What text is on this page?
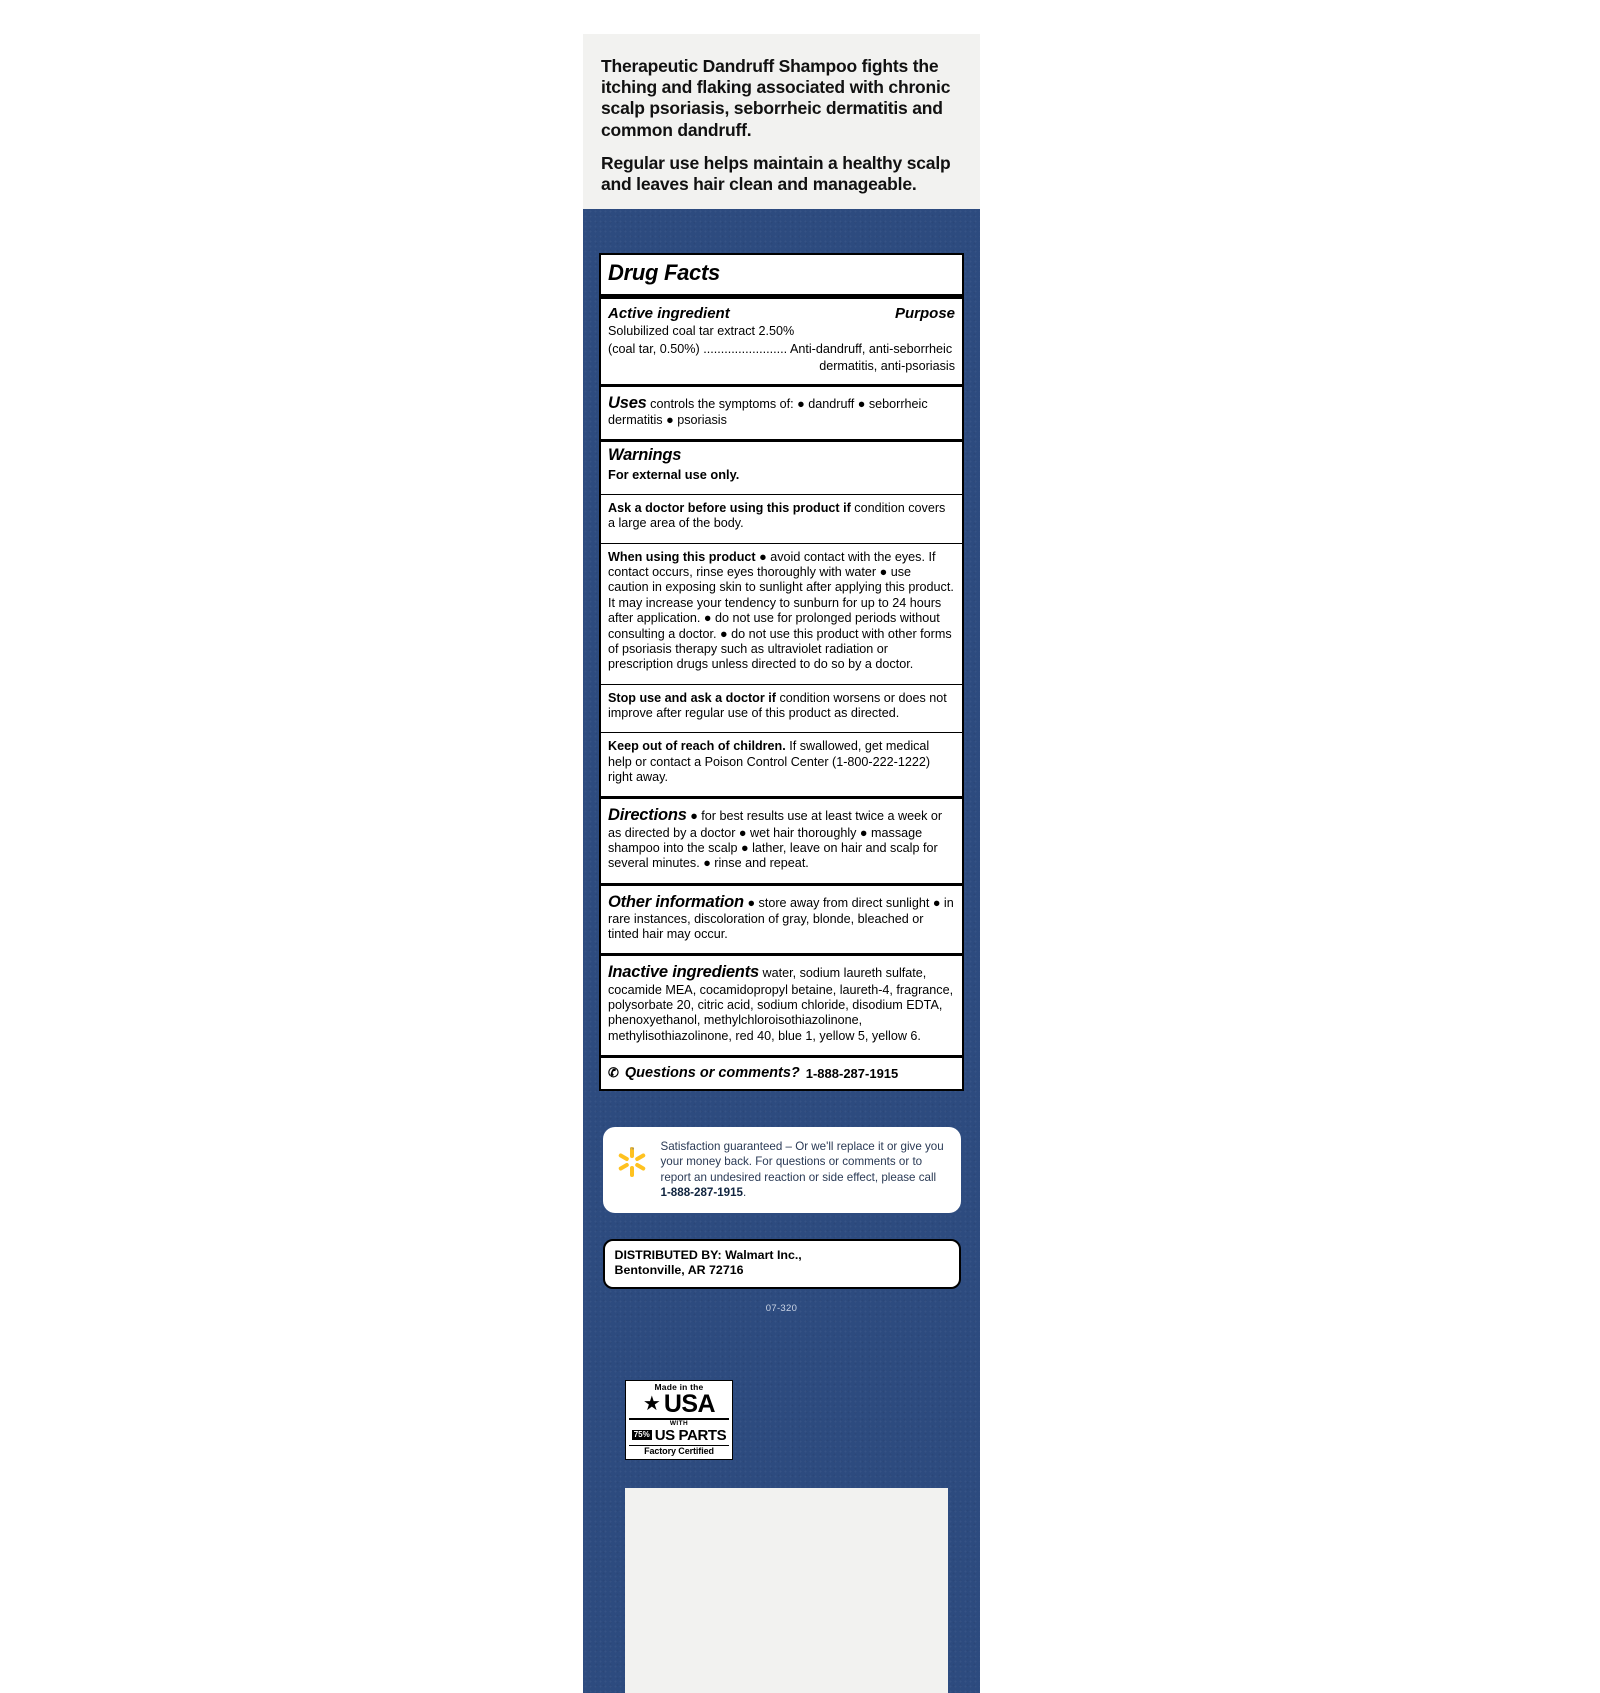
Therapeutic Dandruff Shampoo fights the itching and flaking associated with chronic scalp psoriasis, seborrheic dermatitis and common dandruff.

Regular use helps maintain a healthy scalp and leaves hair clean and manageable.

Drug Facts
Active ingredient	Purpose
Solubilized coal tar extract 2.50%
(coal tar, 0.50%) ........................ Anti-dandruff, anti-seborrheic
dermatitis, anti-psoriasis
Uses controls the symptoms of: ● dandruff ● seborrheic dermatitis ● psoriasis
Warnings
For external use only.
Ask a doctor before using this product if condition covers a large area of the body.
When using this product ● avoid contact with the eyes. If contact occurs, rinse eyes thoroughly with water ● use caution in exposing skin to sunlight after applying this product. It may increase your tendency to sunburn for up to 24 hours after application. ● do not use for prolonged periods without consulting a doctor. ● do not use this product with other forms of psoriasis therapy such as ultraviolet radiation or prescription drugs unless directed to do so by a doctor.
Stop use and ask a doctor if condition worsens or does not improve after regular use of this product as directed.
Keep out of reach of children. If swallowed, get medical help or contact a Poison Control Center (1-800-222-1222) right away.
Directions ● for best results use at least twice a week or as directed by a doctor ● wet hair thoroughly ● massage shampoo into the scalp ● lather, leave on hair and scalp for several minutes. ● rinse and repeat.
Other information ● store away from direct sunlight ● in rare instances, discoloration of gray, blonde, bleached or tinted hair may occur.
Inactive ingredients water, sodium laureth sulfate, cocamide MEA, cocamidopropyl betaine, laureth-4, fragrance, polysorbate 20, citric acid, sodium chloride, disodium EDTA, phenoxyethanol, methylchloroisothiazolinone, methylisothiazolinone, red 40, blue 1, yellow 5, yellow 6.
✆ Questions or comments? 1-888-287-1915
™ Satisfaction guaranteed – Or we'll replace it or give you your money back. For questions or comments or to report an undesired reaction or side effect, please call 1-888-287-1915.
DISTRIBUTED BY: Walmart Inc.,
Bentonville, AR 72716
07-320
Made in the
★ USA
WITH
75% US PARTS
Factory Certified
